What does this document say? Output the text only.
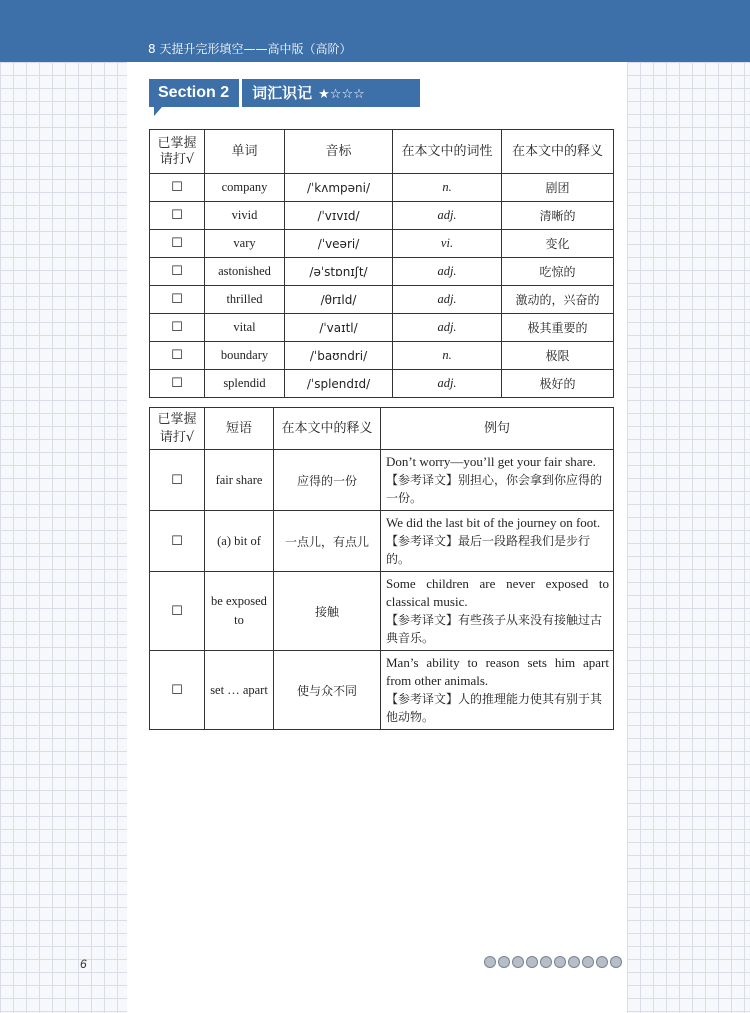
8 天提升完形填空——高中版（高阶）
Section 2	词汇识记 ★☆☆☆
已掌握请打√	单词	音标	在本文中的词性	在本文中的释义
☐	company	/ˈkʌmpəni/	n.	剧团
☐	vivid	/ˈvɪvɪd/	adj.	清晰的
☐	vary	/ˈveəri/	vi.	变化
☐	astonished	/əˈstɒnɪʃt/	adj.	吃惊的
☐	thrilled	/θrɪld/	adj.	激动的，兴奋的
☐	vital	/ˈvaɪtl/	adj.	极其重要的
☐	boundary	/ˈbaʊndri/	n.	极限
☐	splendid	/ˈsplendɪd/	adj.	极好的
已掌握请打√	短语	在本文中的释义	例句
☐	fair share	应得的一份	Don’t worry—you’ll get your fair share.
【参考译文】别担心，你会拿到你应得的一份。

☐	(a) bit of	一点儿，有点儿	We did the last bit of the journey on foot.
【参考译文】最后一段路程我们是步行的。

☐	be exposed to	接触	Some children are never exposed to classical music.
【参考译文】有些孩子从来没有接触过古典音乐。

☐	set … apart	使与众不同	Man’s ability to reason sets him apart from other animals.
【参考译文】人的推理能力使其有别于其他动物。
6
